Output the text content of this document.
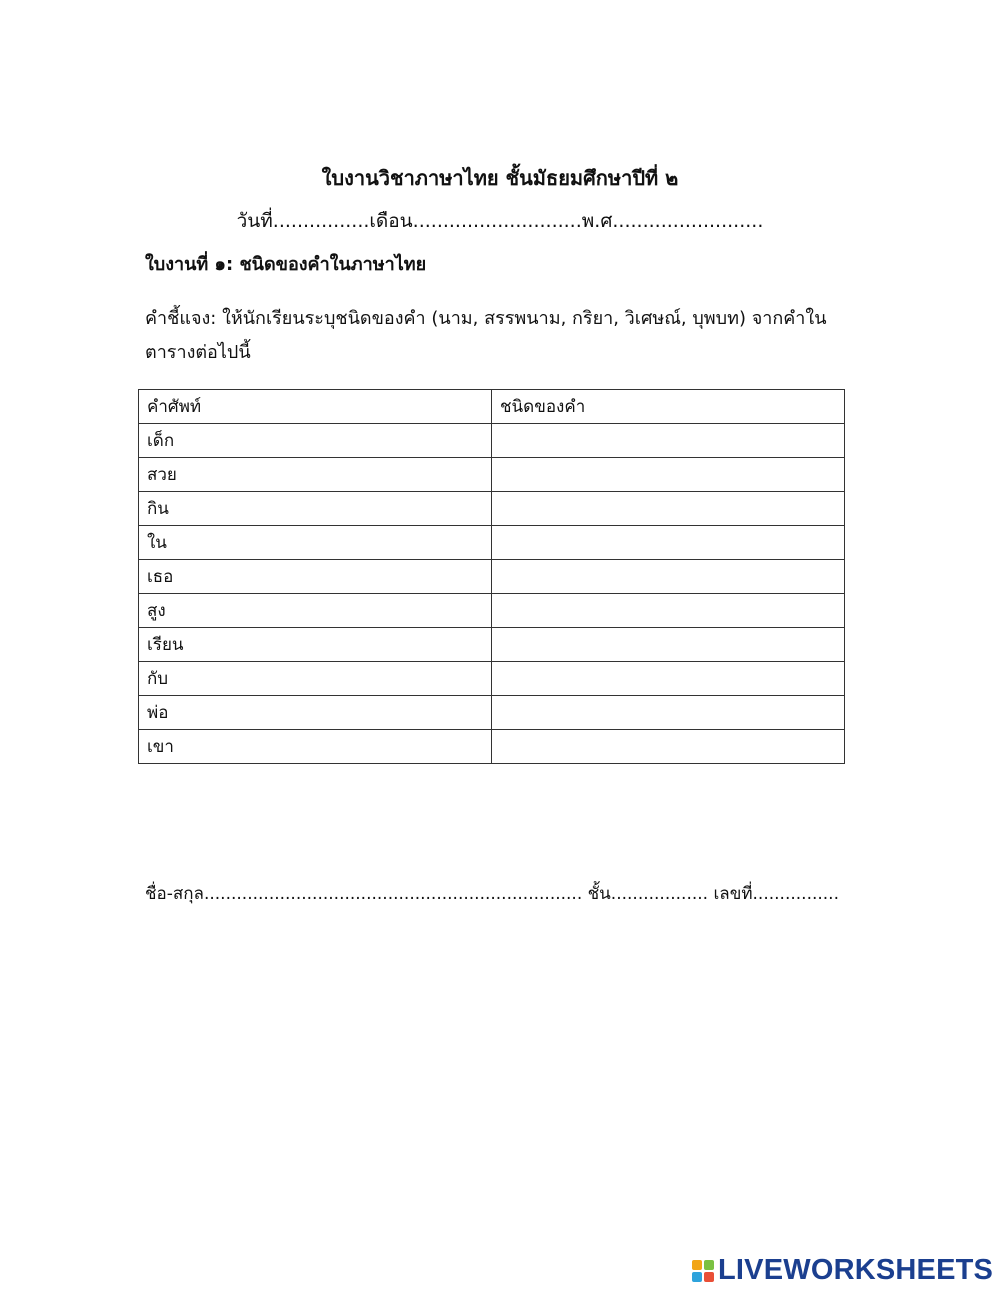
ใบงานวิชาภาษาไทย ชั้นมัธยมศึกษาปีที่ ๒
วันที่................เดือน............................พ.ศ.........................
ใบงานที่ ๑: ชนิดของคำในภาษาไทย
คำชี้แจง: ให้นักเรียนระบุชนิดของคำ (นาม, สรรพนาม, กริยา, วิเศษณ์, บุพบท) จากคำใน
ตารางต่อไปนี้
คำศัพท์	ชนิดของคำ
เด็ก	
สวย	
กิน	
ใน	
เธอ	
สูง	
เรียน	
กับ	
พ่อ	
เขา	
ชื่อ-สกุล...................................................................... ชั้น.................. เลขที่................
LIVEWORKSHEETS
